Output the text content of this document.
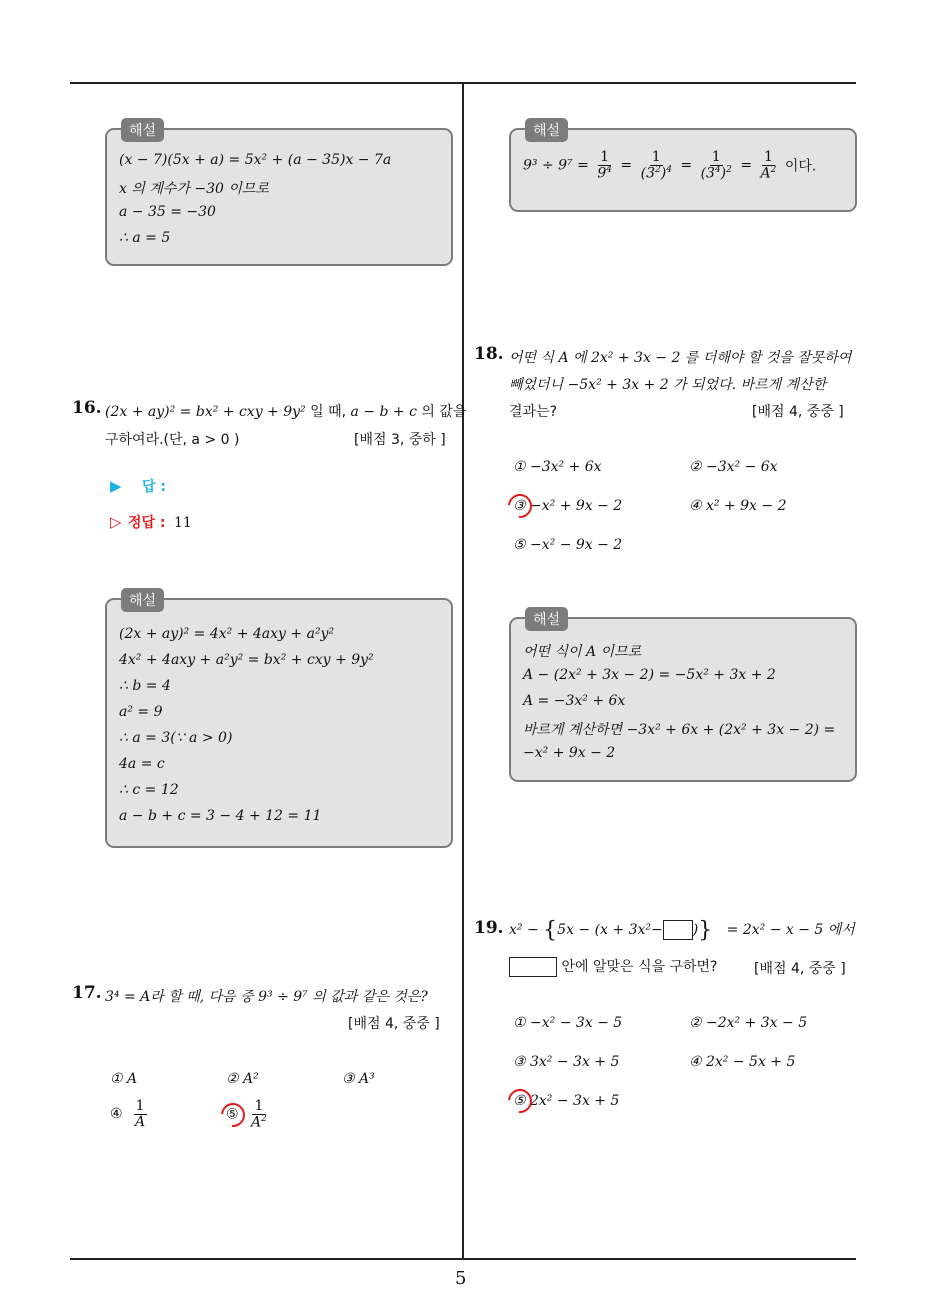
5
해설
(x − 7)(5x + a) = 5x² + (a − 35)x − 7a
x 의 계수가 −30 이므로
a − 35 = −30
∴ a = 5
16. (2x + ay)² = bx² + cxy + 9y² 일 때, a − b + c 의 값을
구하여라.(단, a > 0 )	[배점 3, 중하 ]
▶ 답 :
▷ 정답 : 11
해설
(2x + ay)² = 4x² + 4axy + a²y²
4x² + 4axy + a²y² = bx² + cxy + 9y²
∴ b = 4
a² = 9
∴ a = 3(∵ a > 0)
4a = c
∴ c = 12
a − b + c = 3 − 4 + 12 = 11
17. 3⁴ = A라 할 때, 다음 중 9³ ÷ 9⁷ 의 값과 같은 것은?
[배점 4, 중중 ]
① A	② A²	③ A³
④ $\frac{1}{A}$	⑤ $\frac{1}{A^2}$
해설
$9^3 \div 9^7 = \frac{1}{9^4} = \frac{1}{(3^2)^4} = \frac{1}{(3^4)^2} = \frac{1}{A^2}$ 이다.
18. 어떤 식 A 에 2x² + 3x − 2 를 더해야 할 것을 잘못하여
빼었더니 −5x² + 3x + 2 가 되었다. 바르게 계산한
결과는?	[배점 4, 중중 ]
① −3x² + 6x	② −3x² − 6x
③ −x² + 9x − 2	④ x² + 9x − 2
⑤ −x² − 9x − 2
해설
어떤 식이 A 이므로
A − (2x² + 3x − 2) = −5x² + 3x + 2
A = −3x² + 6x
바르게 계산하면 −3x² + 6x + (2x² + 3x − 2) =
−x² + 9x − 2
19. x² − {5x − (x + 3x²− )} = 2x² − x − 5 에서
안에 알맞은 식을 구하면?	[배점 4, 중중 ]
① −x² − 3x − 5	② −2x² + 3x − 5
③ 3x² − 3x + 5	④ 2x² − 5x + 5
⑤ 2x² − 3x + 5
